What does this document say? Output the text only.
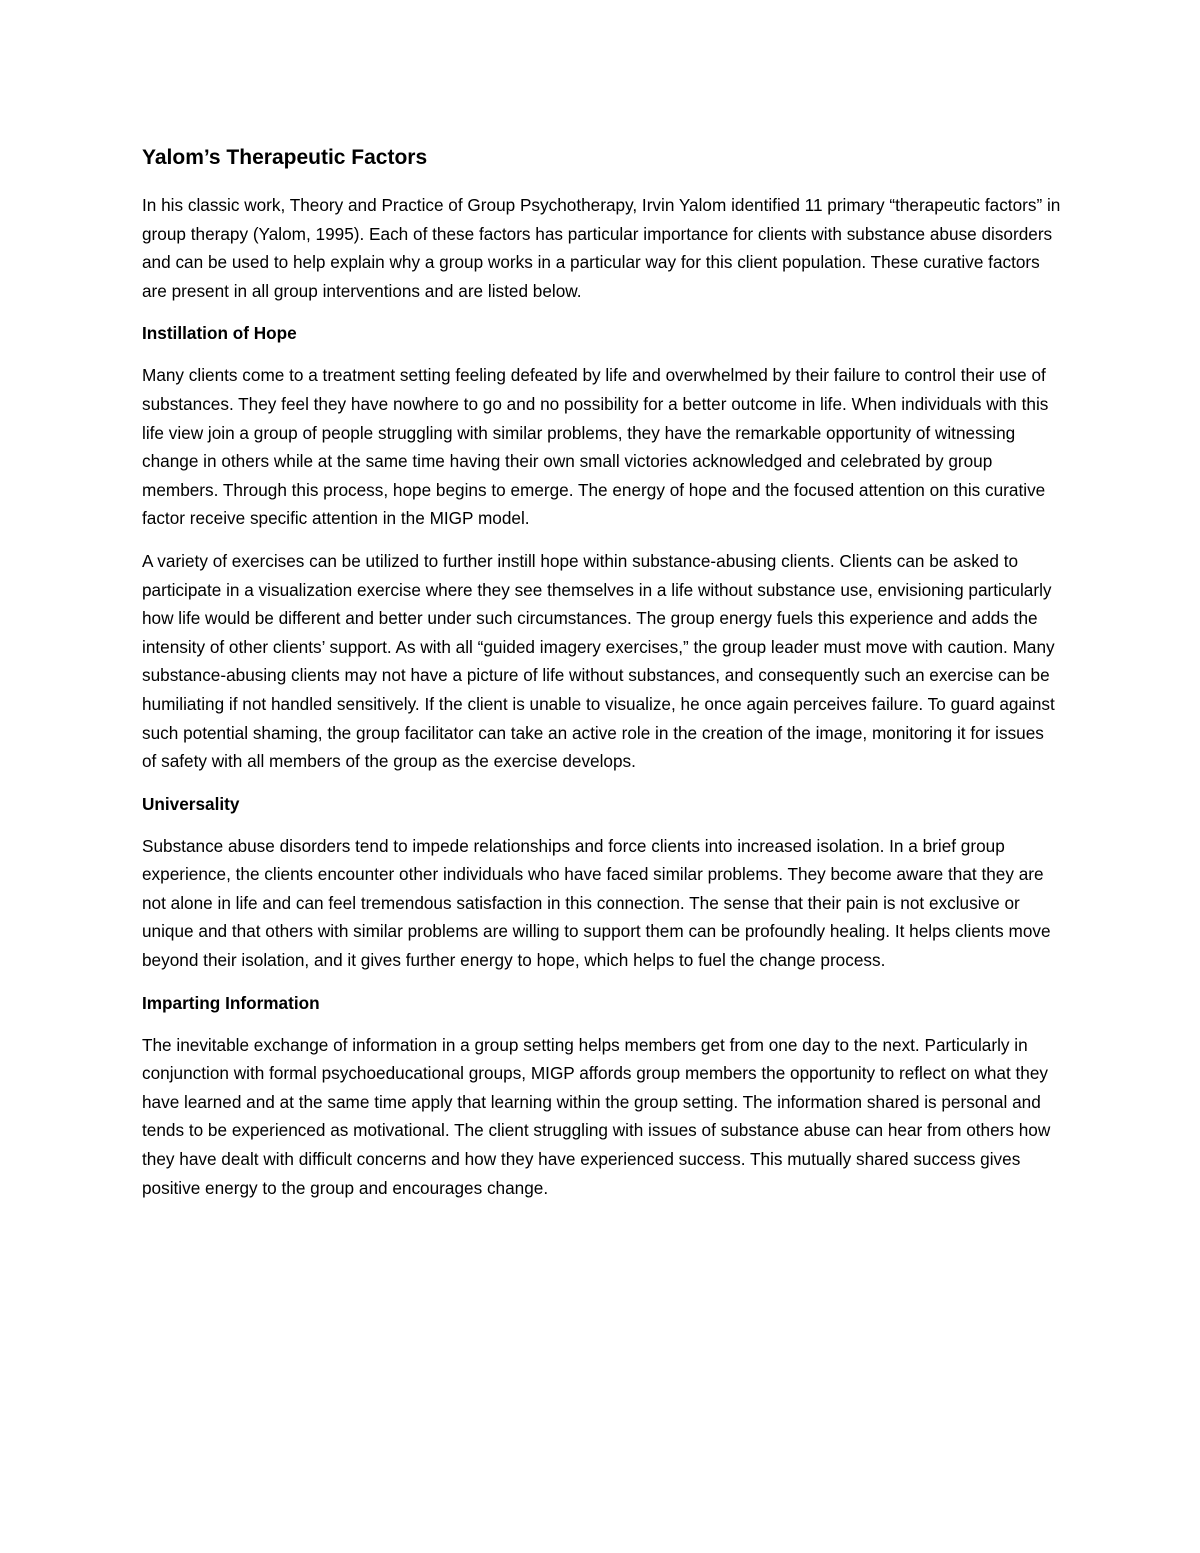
Yalom’s Therapeutic Factors

In his classic work, Theory and Practice of Group Psychotherapy, Irvin Yalom identified 11 primary “therapeutic factors” in group therapy (Yalom, 1995). Each of these factors has particular importance for clients with substance abuse disorders and can be used to help explain why a group works in a particular way for this client population. These curative factors are present in all group interventions and are listed below.

Instillation of Hope

Many clients come to a treatment setting feeling defeated by life and overwhelmed by their failure to control their use of substances. They feel they have nowhere to go and no possibility for a better outcome in life. When individuals with this life view join a group of people struggling with similar problems, they have the remarkable opportunity of witnessing change in others while at the same time having their own small victories acknowledged and celebrated by group members. Through this process, hope begins to emerge. The energy of hope and the focused attention on this curative factor receive specific attention in the MIGP model.

A variety of exercises can be utilized to further instill hope within substance-abusing clients. Clients can be asked to participate in a visualization exercise where they see themselves in a life without substance use, envisioning particularly how life would be different and better under such circumstances. The group energy fuels this experience and adds the intensity of other clients’ support. As with all “guided imagery exercises,” the group leader must move with caution. Many substance-abusing clients may not have a picture of life without substances, and consequently such an exercise can be humiliating if not handled sensitively. If the client is unable to visualize, he once again perceives failure. To guard against such potential shaming, the group facilitator can take an active role in the creation of the image, monitoring it for issues of safety with all members of the group as the exercise develops.

Universality

Substance abuse disorders tend to impede relationships and force clients into increased isolation. In a brief group experience, the clients encounter other individuals who have faced similar problems. They become aware that they are not alone in life and can feel tremendous satisfaction in this connection. The sense that their pain is not exclusive or unique and that others with similar problems are willing to support them can be profoundly healing. It helps clients move beyond their isolation, and it gives further energy to hope, which helps to fuel the change process.

Imparting Information

The inevitable exchange of information in a group setting helps members get from one day to the next. Particularly in conjunction with formal psychoeducational groups, MIGP affords group members the opportunity to reflect on what they have learned and at the same time apply that learning within the group setting. The information shared is personal and tends to be experienced as motivational. The client struggling with issues of substance abuse can hear from others how they have dealt with difficult concerns and how they have experienced success. This mutually shared success gives positive energy to the group and encourages change.
